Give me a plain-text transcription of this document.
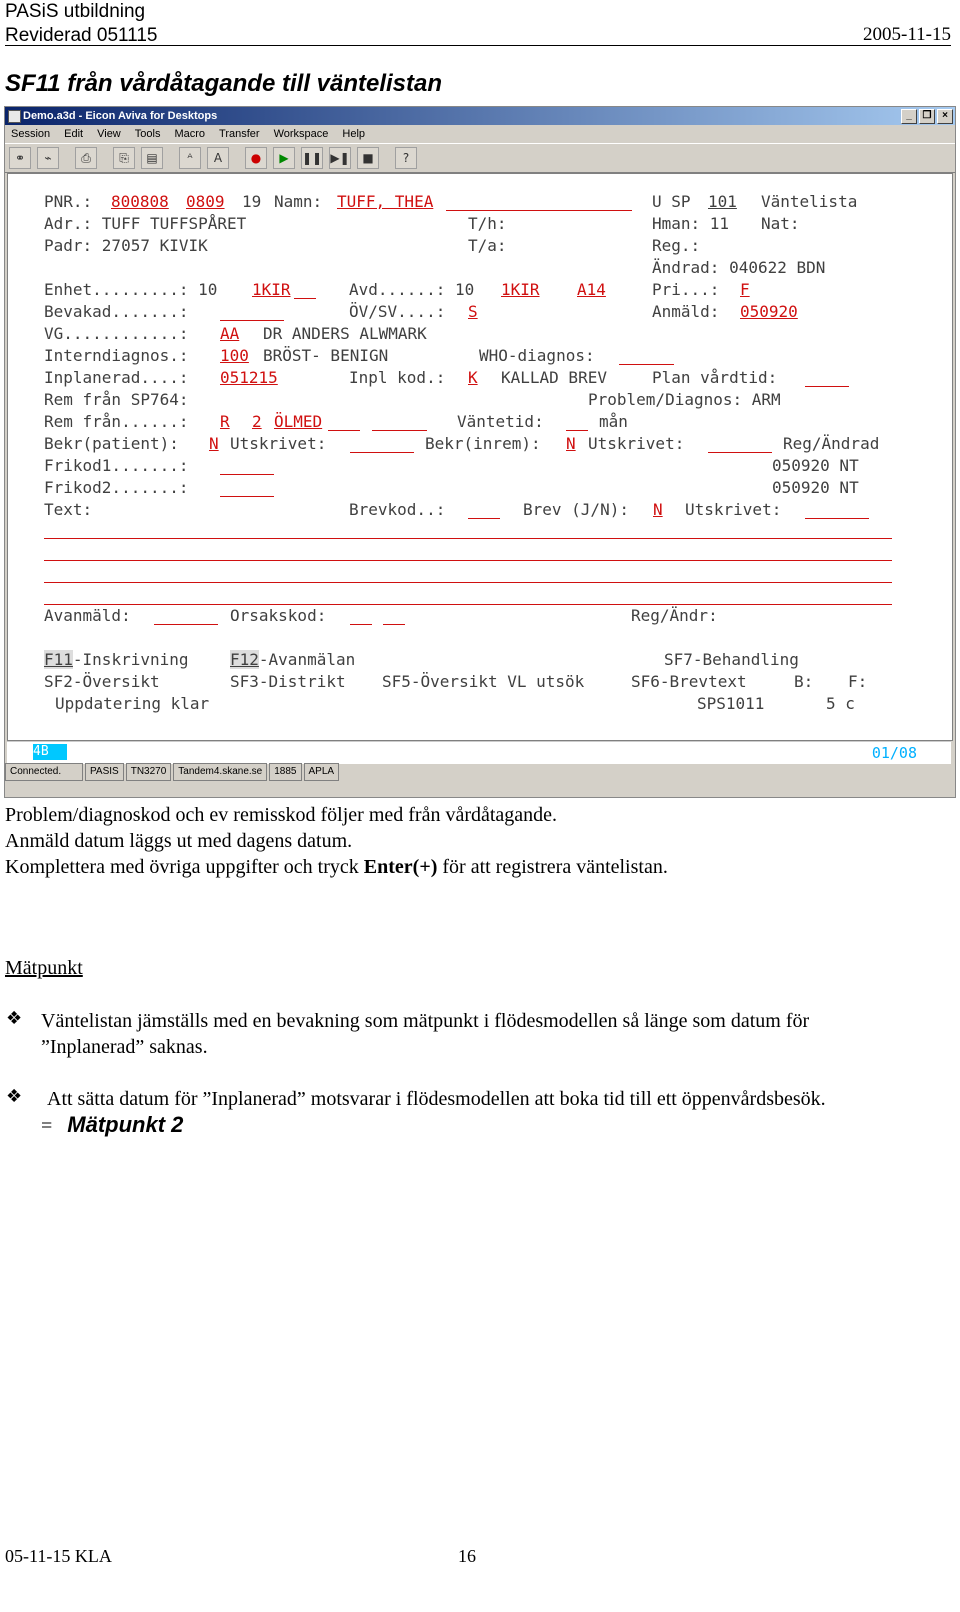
PASiS utbildning
Reviderad 051115	2005-11-15
SF11 från vårdåtagande till väntelistan
Demo.a3d - Eicon Aviva for Desktops	_	❐	×
Session Edit View Tools Macro Transfer Workspace Help
⚭	⌁	⎙	⎘	▤	ᴬ	A	●	▶	❚❚ ▶❚	■	?
PNR.: 800808 0809 19 Namn: TUFF, THEA	U SP 101 Väntelista
Adr.: TUFF TUFFSPÅRET	T/h:	Hman: 11 Nat:
Padr: 27057 KIVIK	T/a:	Reg.:
Ändrad: 040622 BDN
Enhet.........: 10 1KIR	Avd......: 10 1KIR A14	Pri...: F
Bevakad.......:	ÖV/SV....: S	Anmäld: 050920
VG............: AA DR ANDERS ALWMARK
Interndiagnos.: 100 BRÖST- BENIGN	WHO-diagnos:
Inplanerad....: 051215	Inpl kod.: K KALLAD BREV	Plan vårdtid:
Rem från SP764:	Problem/Diagnos: ARM
Rem från......: R 2 ÖLMED	Väntetid:	mån
Bekr(patient): N Utskrivet:	Bekr(inrem): N Utskrivet:	Reg/Ändrad
Frikod1.......:	050920 NT
Frikod2.......:	050920 NT
Text:	Brevkod..:	Brev (J/N): N Utskrivet:
Avanmäld:	Orsakskod:	Reg/Ändr:
F11-Inskrivning	F12-Avanmälan	SF7-Behandling
SF2-Översikt	SF3-Distrikt SF5-Översikt VL utsök	SF6-Brevtext	B: F:
Uppdatering klar	SPS1011	5 c
4B	01/08
Connected.	PASIS	TN3270	Tandem4.skane.se	1885	APLA
Problem/diagnoskod och ev remisskod följer med från vårdåtagande.
Anmäld datum läggs ut med dagens datum.
Komplettera med övriga uppgifter och tryck Enter(+) för att registrera väntelistan.
Mätpunkt
❖ Väntelistan jämställs med en bevakning som mätpunkt i flödesmodellen så länge som datum för
”Inplanerad” saknas.
❖ Att sätta datum för ”Inplanerad” motsvarar i flödesmodellen att boka tid till ett öppenvårdsbesök.
= Mätpunkt 2
05-11-15 KLA	16
